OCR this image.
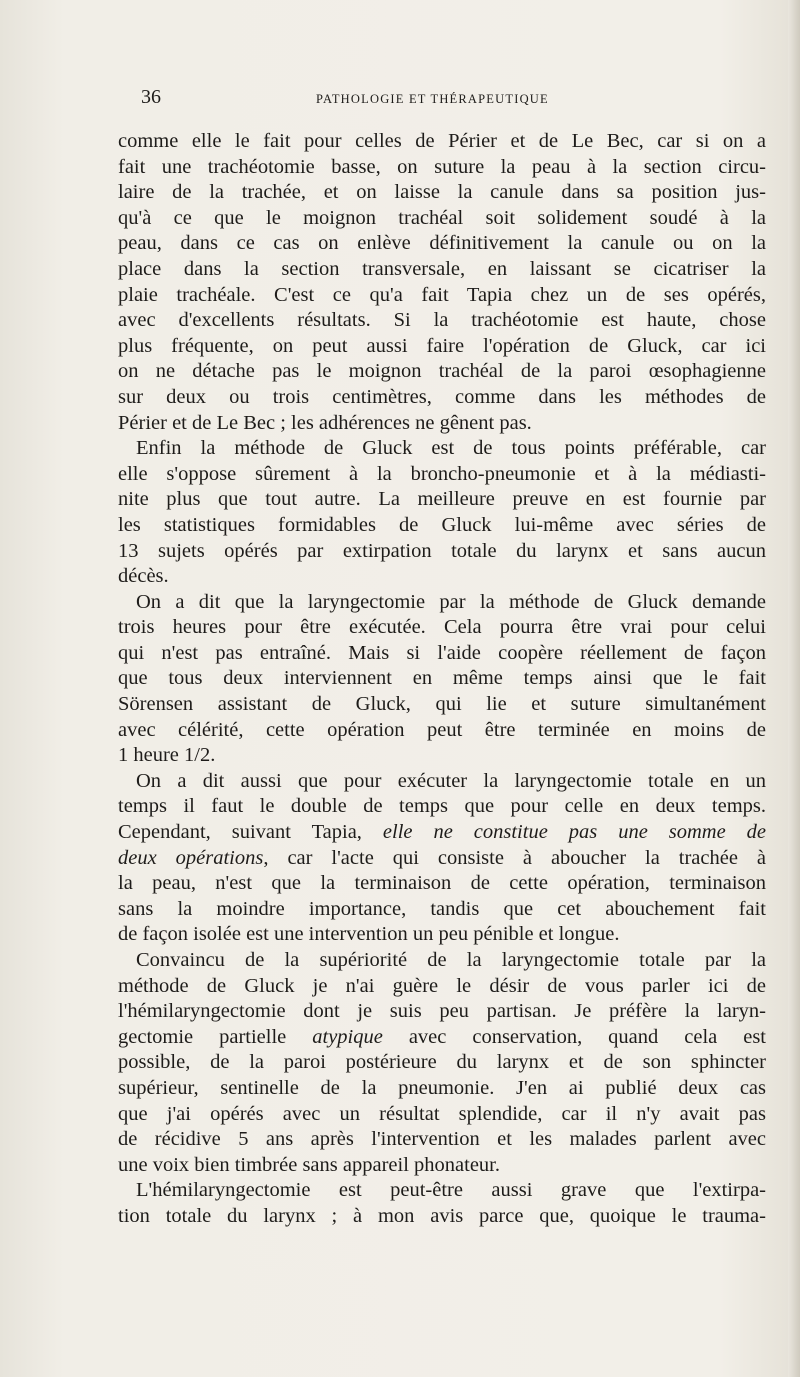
36	PATHOLOGIE ET THÉRAPEUTIQUE
comme elle le fait pour celles de Périer et de Le Bec, car si on a
fait une trachéotomie basse, on suture la peau à la section circu-
laire de la trachée, et on laisse la canule dans sa position jus-
qu'à ce que le moignon trachéal soit solidement soudé à la
peau, dans ce cas on enlève définitivement la canule ou on la
place dans la section transversale, en laissant se cicatriser la
plaie trachéale. C'est ce qu'a fait Tapia chez un de ses opérés,
avec d'excellents résultats. Si la trachéotomie est haute, chose
plus fréquente, on peut aussi faire l'opération de Gluck, car ici
on ne détache pas le moignon trachéal de la paroi œsophagienne
sur deux ou trois centimètres, comme dans les méthodes de
Périer et de Le Bec ; les adhérences ne gênent pas.
Enfin la méthode de Gluck est de tous points préférable, car
elle s'oppose sûrement à la broncho-pneumonie et à la médiasti-
nite plus que tout autre. La meilleure preuve en est fournie par
les statistiques formidables de Gluck lui-même avec séries de
13 sujets opérés par extirpation totale du larynx et sans aucun
décès.
On a dit que la laryngectomie par la méthode de Gluck demande
trois heures pour être exécutée. Cela pourra être vrai pour celui
qui n'est pas entraîné. Mais si l'aide coopère réellement de façon
que tous deux interviennent en même temps ainsi que le fait
Sörensen assistant de Gluck, qui lie et suture simultanément
avec célérité, cette opération peut être terminée en moins de
1 heure 1/2.
On a dit aussi que pour exécuter la laryngectomie totale en un
temps il faut le double de temps que pour celle en deux temps.
Cependant, suivant Tapia, elle ne constitue pas une somme de
deux opérations, car l'acte qui consiste à aboucher la trachée à
la peau, n'est que la terminaison de cette opération, terminaison
sans la moindre importance, tandis que cet abouchement fait
de façon isolée est une intervention un peu pénible et longue.
Convaincu de la supériorité de la laryngectomie totale par la
méthode de Gluck je n'ai guère le désir de vous parler ici de
l'hémilaryngectomie dont je suis peu partisan. Je préfère la laryn-
gectomie partielle atypique avec conservation, quand cela est
possible, de la paroi postérieure du larynx et de son sphincter
supérieur, sentinelle de la pneumonie. J'en ai publié deux cas
que j'ai opérés avec un résultat splendide, car il n'y avait pas
de récidive 5 ans après l'intervention et les malades parlent avec
une voix bien timbrée sans appareil phonateur.
L'hémilaryngectomie est peut-être aussi grave que l'extirpa-
tion totale du larynx ; à mon avis parce que, quoique le trauma-
